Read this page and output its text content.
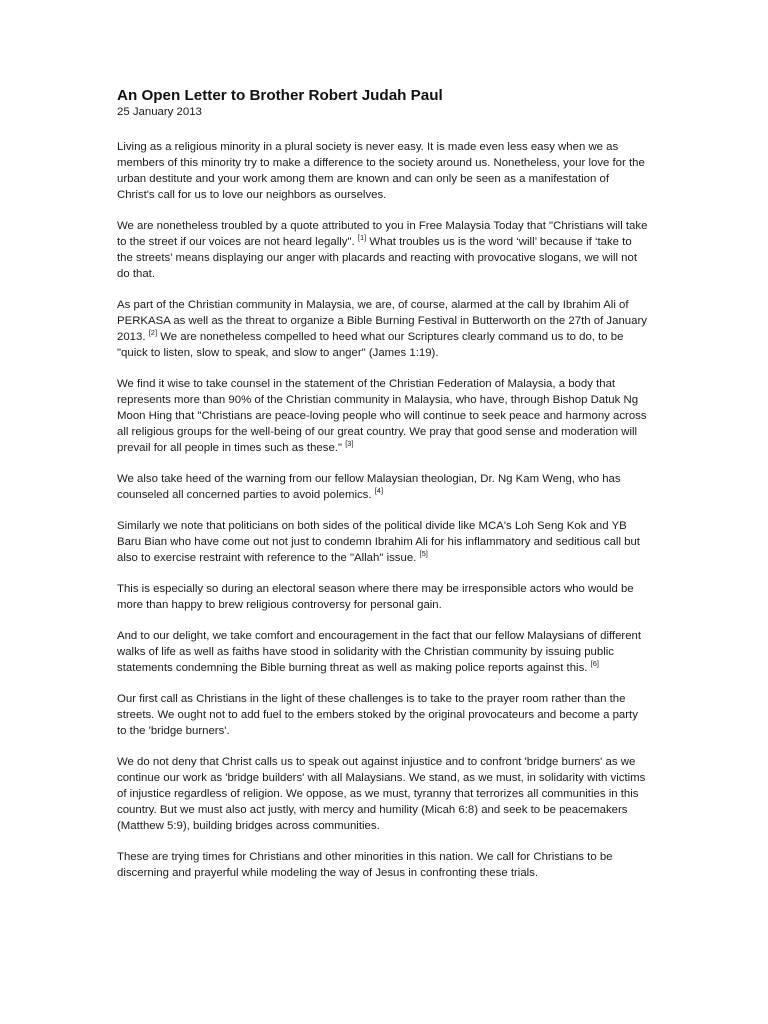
An Open Letter to Brother Robert Judah Paul

25 January 2013

Living as a religious minority in a plural society is never easy. It is made even less easy when we as members of this minority try to make a difference to the society around us. Nonetheless, your love for the urban destitute and your work among them are known and can only be seen as a manifestation of Christ's call for us to love our neighbors as ourselves.

We are nonetheless troubled by a quote attributed to you in Free Malaysia Today that "Christians will take to the street if our voices are not heard legally". [1] What troubles us is the word ‘will’ because if ‘take to the streets’ means displaying our anger with placards and reacting with provocative slogans, we will not do that.

As part of the Christian community in Malaysia, we are, of course, alarmed at the call by Ibrahim Ali of PERKASA as well as the threat to organize a Bible Burning Festival in Butterworth on the 27th of January 2013. [2] We are nonetheless compelled to heed what our Scriptures clearly command us to do, to be "quick to listen, slow to speak, and slow to anger" (James 1:19).

We find it wise to take counsel in the statement of the Christian Federation of Malaysia, a body that represents more than 90% of the Christian community in Malaysia, who have, through Bishop Datuk Ng Moon Hing that "Christians are peace-loving people who will continue to seek peace and harmony across all religious groups for the well-being of our great country. We pray that good sense and moderation will prevail for all people in times such as these." [3]

We also take heed of the warning from our fellow Malaysian theologian, Dr. Ng Kam Weng, who has counseled all concerned parties to avoid polemics. [4]

Similarly we note that politicians on both sides of the political divide like MCA's Loh Seng Kok and YB Baru Bian who have come out not just to condemn Ibrahim Ali for his inflammatory and seditious call but also to exercise restraint with reference to the "Allah" issue. [5]

This is especially so during an electoral season where there may be irresponsible actors who would be more than happy to brew religious controversy for personal gain.

And to our delight, we take comfort and encouragement in the fact that our fellow Malaysians of different walks of life as well as faiths have stood in solidarity with the Christian community by issuing public statements condemning the Bible burning threat as well as making police reports against this. [6]

Our first call as Christians in the light of these challenges is to take to the prayer room rather than the streets. We ought not to add fuel to the embers stoked by the original provocateurs and become a party to the 'bridge burners'.

We do not deny that Christ calls us to speak out against injustice and to confront 'bridge burners' as we continue our work as 'bridge builders' with all Malaysians. We stand, as we must, in solidarity with victims of injustice regardless of religion. We oppose, as we must, tyranny that terrorizes all communities in this country. But we must also act justly, with mercy and humility (Micah 6:8) and seek to be peacemakers (Matthew 5:9), building bridges across communities.

These are trying times for Christians and other minorities in this nation. We call for Christians to be discerning and prayerful while modeling the way of Jesus in confronting these trials.
